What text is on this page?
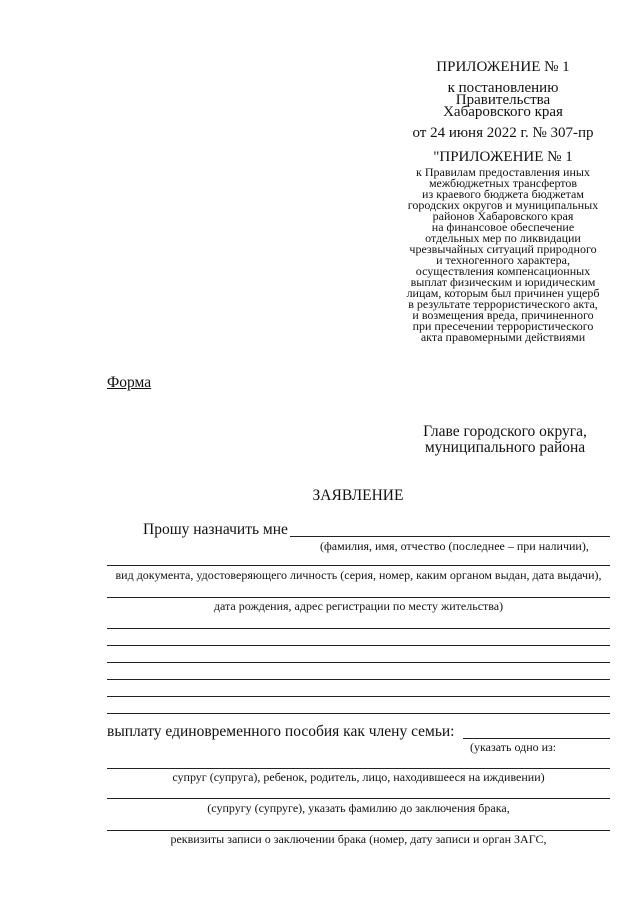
ПРИЛОЖЕНИЕ № 1
к постановлению
Правительства
Хабаровского края
от 24 июня 2022 г. № 307-пр
"ПРИЛОЖЕНИЕ № 1
к Правилам предоставления иных
межбюджетных трансфертов
из краевого бюджета бюджетам
городских округов и муниципальных
районов Хабаровского края
на финансовое обеспечение
отдельных мер по ликвидации
чрезвычайных ситуаций природного
и техногенного характера,
осуществления компенсационных
выплат физическим и юридическим
лицам, которым был причинен ущерб
в результате террористического акта,
и возмещения вреда, причиненного
при пресечении террористического
акта правомерными действиями
Форма
Главе городского округа,
муниципального района
ЗАЯВЛЕНИЕ
Прошу назначить мне
(фамилия, имя, отчество (последнее – при наличии),
вид документа, удостоверяющего личность (серия, номер, каким органом выдан, дата выдачи),
дата рождения, адрес регистрации по месту жительства)
выплату единовременного пособия как члену семьи:
(указать одно из:
супруг (супруга), ребенок, родитель, лицо, находившееся на иждивении)
(супругу (супруге), указать фамилию до заключения брака,
реквизиты записи о заключении брака (номер, дату записи и орган ЗАГС,
